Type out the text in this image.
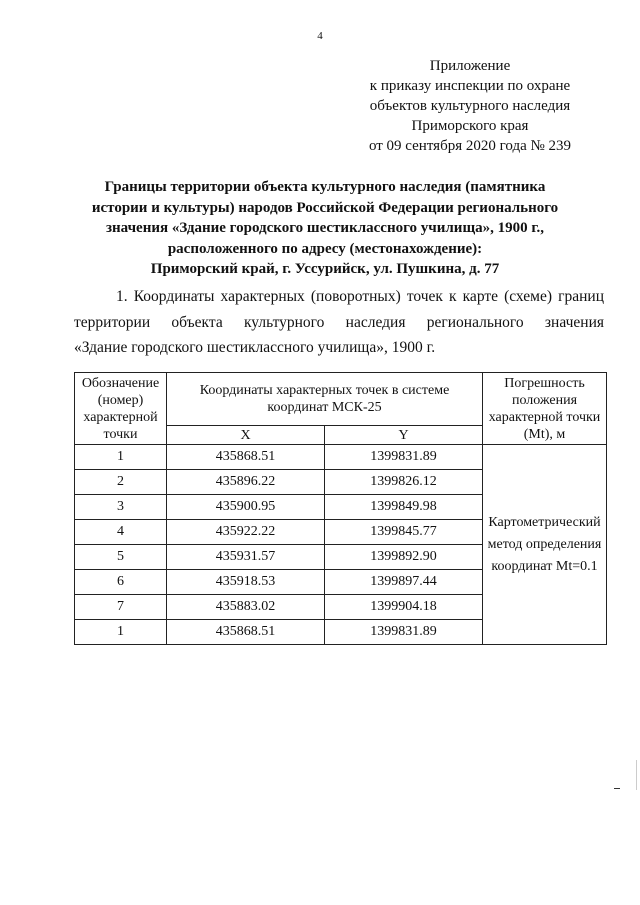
4
Приложение
к приказу инспекции по охране
объектов культурного наследия
Приморского края
от 09 сентября 2020 года № 239
Границы территории объекта культурного наследия (памятника
истории и культуры) народов Российской Федерации регионального
значения «Здание городского шестиклассного училища», 1900 г.,
расположенного по адресу (местонахождение):
Приморский край, г. Уссурийск, ул. Пушкина, д. 77
1. Координаты характерных (поворотных) точек к карте (схеме) границ
территории объекта культурного наследия регионального значения
«Здание городского шестиклассного училища», 1900 г.
Обозначение (номер) характерной точки	Координаты характерных точек в системе координат МСК-25		Погрешность положения характерной точки (Mt), м
	X	Y	
1	435868.51	1399831.89	Картометрический метод определения координат Mt=0.1
2	435896.22	1399826.12	
3	435900.95	1399849.98	
4	435922.22	1399845.77	
5	435931.57	1399892.90	
6	435918.53	1399897.44	
7	435883.02	1399904.18	
1	435868.51	1399831.89	
